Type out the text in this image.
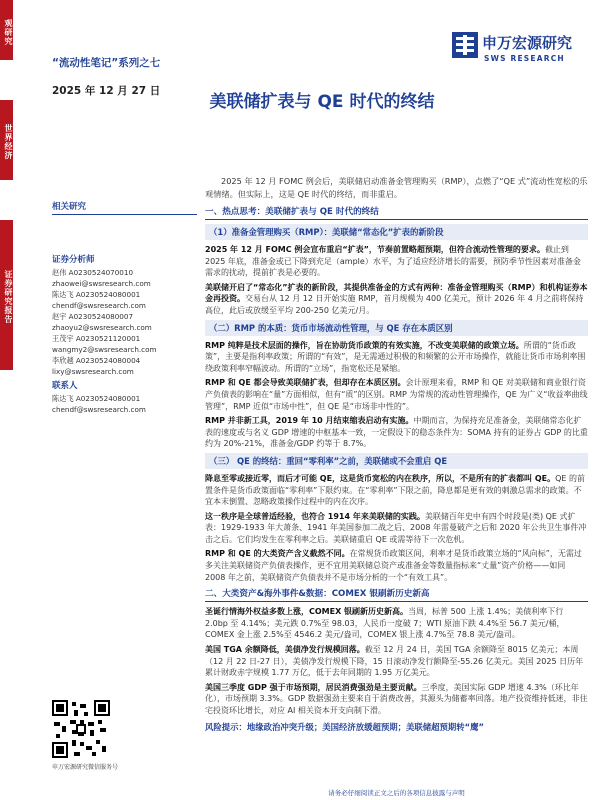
观研究
世界经济
证券研究报告
“流动性笔记”系列之七
2025 年 12 月 27 日
申万宏源研究
SWS RESEARCH
美联储扩表与 QE 时代的终结
相关研究
证券分析师
赵伟 A0230524070010
zhaowei@swsresearch.com
陈达飞 A0230524080001
chendf@swsresearch.com
赵宇 A0230524080007
zhaoyu2@swsresearch.com
王茂宇 A0230521120001
wangmy2@swsresearch.com
李欣越 A0230524080004
lixy@swsresearch.com
联系人
陈达飞 A0230524080001
chendf@swsresearch.com
申万宏源研究微信服务号

2025 年 12 月 FOMC 例会后，美联储启动准备金管理购买（RMP），点燃了“QE 式”流动性宽松的乐观情绪。但实际上，这是 QE 时代的终结，而非重启。

一、热点思考：美联储扩表与 QE 时代的终结
（1）准备金管理购买（RMP）：美联储“常态化”扩表的新阶段

2025 年 12 月 FOMC 例会宣布重启“扩表”，节奏前置略超预期，但符合流动性管理的要求。截止到 2025 年底，准备金或已下降到充足（ample）水平，为了适应经济增长的需要，预防季节性因素对准备金需求的扰动，提前扩表是必要的。

美联储开启了“常态化”扩表的新阶段，其提供准备金的方式有两种：准备金管理购买（RMP）和机构证券本金再投资。交易台从 12 月 12 日开始实施 RMP，首月规模为 400 亿美元，预计 2026 年 4 月之前将保持高位，此后或放缓至平均 200-250 亿美元/月。

（二）RMP 的本质：货币市场流动性管理，与 QE 存在本质区别

RMP 纯粹是技术层面的操作，旨在协助货币政策的有效实施，不改变美联储的政策立场。所谓的“货币政策”，主要是指利率政策；所谓的“有效”，是无需通过积极的和频繁的公开市场操作，就能让货币市场利率围绕政策利率窄幅波动。所谓的“立场”，指宽松还是紧缩。

RMP 和 QE 都会导致美联储扩表，但却存在本质区别。会计原理来看，RMP 和 QE 对美联储和商业银行资产负债表的影响在“量”方面相似，但有“质”的区别。RMP 为常规的流动性管理操作，QE 为广义“收益率曲线管理”，RMP 近似“市场中性”，但 QE 是“市场非中性的”。

RMP 并非新工具，2019 年 10 月结束缩表启动有实施。中期而言，为保持充足准备金，美联储常态化扩表的速度或与名义 GDP 增速的中枢基本一致，一定假设下的稳态条件为：SOMA 持有的证券占 GDP 的比重约为 20%-21%，准备金/GDP 约等于 8.7%。

（三） QE 的终结：重回“零利率”之前，美联储或不会重启 QE

降息至零或接近零，而后才可能 QE，这是货币宽松的内在秩序，所以，不是所有的扩表都叫 QE。QE 的前置条件是货币政策面临“零利率”下限约束。在“零利率”下限之前，降息都是更有效的刺激总需求的政策。不宜本末倒置、忽略政策操作过程中的内在次序。

这一秩序是全球普适经验，也符合 1914 年来美联储的实践。美联储百年史中有四个时段是(类) QE 式扩表：1929-1933 年大萧条、1941 年美国参加二战之后、2008 年雷曼破产之后和 2020 年公共卫生事件冲击之后。它们均发生在零利率之后。美联储重启 QE 或需等待下一次危机。

RMP 和 QE 的大类资产含义截然不同。在常规货币政策区间，利率才是货币政策立场的“风向标”，无需过多关注美联储资产负债表操作，更不宜用美联储总资产或准备金等数量指标来“丈量”资产价格——如同 2008 年之前，美联储资产负债表并不是市场分析的一个“有效工具”。

二、大类资产&海外事件&数据：COMEX 银刷新历史新高

圣诞行情海外权益多数上涨，COMEX 银刷新历史新高。当周，标普 500 上涨 1.4%；美债利率下行 2.0bp 至 4.14%；美元跌 0.7%至 98.03，人民币一度破 7；WTI 原油下跌 4.4%至 56.7 美元/桶，COMEX 金上涨 2.5%至 4546.2 美元/盎司，COMEX 银上涨 4.7%至 78.8 美元/盎司。

美国 TGA 余额降低，美债净发行规模回落。截至 12 月 24 日，美国 TGA 余额降至 8015 亿美元；本周（12 月 22 日-27 日），美债净发行规模下降，15 日滚动净发行额降至-55.26 亿美元。美国 2025 日历年累计财政赤字规模 1.77 万亿，低于去年同期的 1.95 万亿美元。

美国三季度 GDP 强于市场预期，居民消费强劲是主要贡献。三季度，美国实际 GDP 增速 4.3%（环比年化），市场预期 3.3%。GDP 数据强劲主要来自于消费改善，其源头为储蓄率回落。地产投资维持低迷，非住宅投资环比增长，对应 AI 相关资本开支向制下滑。

风险提示：地缘政治冲突升级；美国经济放缓超预期；美联储超预期转“鹰”
请务必仔细阅读正文之后的各项信息披露与声明
